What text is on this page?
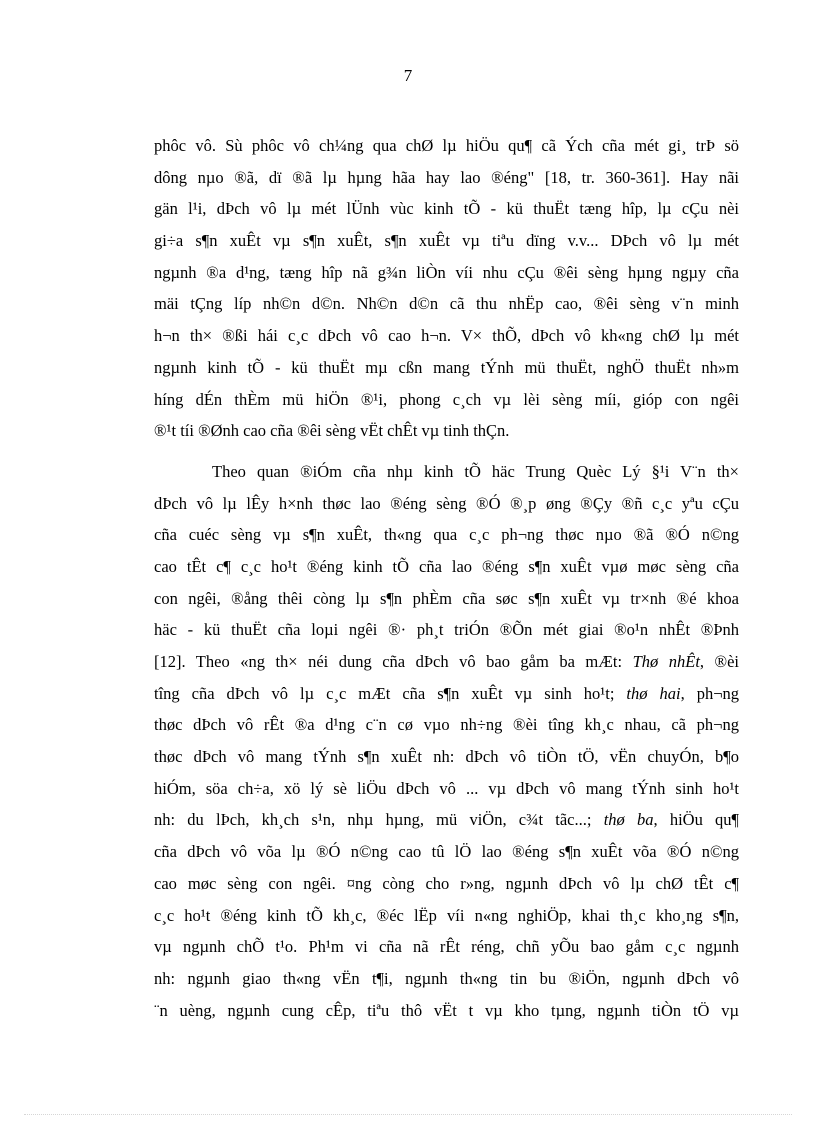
7
phôc vô. Sù phôc vô ch¼ng qua chØ lµ hiÖu qu¶ cã Ých cña mét gi¸ trÞ sö
dông nµo ®ã, dï ®ã lµ hµng hãa hay lao ®éng" [18, tr. 360-361]. Hay nãi
gän l¹i, dÞch vô lµ mét lÜnh vùc kinh tÕ - kü thuËt tæng hîp, lµ cÇu nèi
gi÷a s¶n xuÊt vµ s¶n xuÊt, s¶n xuÊt vµ tiªu dïng v.v... DÞch vô lµ mét
ngµnh ®a d¹ng, tæng hîp nã g¾n liÒn víi nhu cÇu ®êi sèng hµng ngµy cña
mäi tÇng líp nh©n d©n. Nh©n d©n cã thu nhËp cao, ®êi sèng v¨n minh
h¬n th× ®ßi hái c¸c dÞch vô cao h¬n. V× thÕ, dÞch vô kh«ng chØ lµ mét
ngµnh kinh tÕ - kü thuËt mµ cßn mang tÝnh mü thuËt, nghÖ thuËt nh»m
híng dÉn thÈm mü hiÖn ®¹i, phong c¸ch vµ lèi sèng míi, gióp con ngêi
®¹t tíi ®Ønh cao cña ®êi sèng vËt chÊt vµ tinh thÇn.
Theo quan ®iÓm cña nhµ kinh tÕ häc Trung Quèc Lý §¹i V¨n th×
dÞch vô lµ lÊy h×nh thøc lao ®éng sèng ®Ó ®¸p øng ®Çy ®ñ c¸c yªu cÇu
cña cuéc sèng vµ s¶n xuÊt, th«ng qua c¸c ph¬ng thøc nµo ®ã ®Ó n©ng
cao tÊt c¶ c¸c ho¹t ®éng kinh tÕ cña lao ®éng s¶n xuÊt vµø møc sèng cña
con ngêi, ®ång thêi còng lµ s¶n phÈm cña søc s¶n xuÊt vµ tr×nh ®é khoa
häc - kü thuËt cña loµi ngêi ®· ph¸t triÓn ®Õn mét giai ®o¹n nhÊt ®Þnh
[12]. Theo «ng th× néi dung cña dÞch vô bao gåm ba mÆt: Thø nhÊt, ®èi
tîng cña dÞch vô lµ c¸c mÆt cña s¶n xuÊt vµ sinh ho¹t; thø hai, ph¬ng
thøc dÞch vô rÊt ®a d¹ng c¨n cø vµo nh÷ng ®èi tîng kh¸c nhau, cã ph¬ng
thøc dÞch vô mang tÝnh s¶n xuÊt nh: dÞch vô tiÒn tÖ, vËn chuyÓn, b¶o
hiÓm, söa ch÷a, xö lý sè liÖu dÞch vô ... vµ dÞch vô mang tÝnh sinh ho¹t
nh: du lÞch, kh¸ch s¹n, nhµ hµng, mü viÖn, c¾t tãc...; thø ba, hiÖu qu¶
cña dÞch vô võa lµ ®Ó n©ng cao tû lÖ lao ®éng s¶n xuÊt võa ®Ó n©ng
cao møc sèng con ngêi. ¤ng còng cho r»ng, ngµnh dÞch vô lµ chØ tÊt c¶
c¸c ho¹t ®éng kinh tÕ kh¸c, ®éc lËp víi n«ng nghiÖp, khai th¸c kho¸ng s¶n,
vµ ngµnh chÕ t¹o. Ph¹m vi cña nã rÊt réng, chñ yÕu bao gåm c¸c ngµnh
nh: ngµnh giao th«ng vËn t¶i, ngµnh th«ng tin bu ®iÖn, ngµnh dÞch vô
¨n uèng, ngµnh cung cÊp, tiªu thô vËt t vµ kho tµng, ngµnh tiÒn tÖ vµ
